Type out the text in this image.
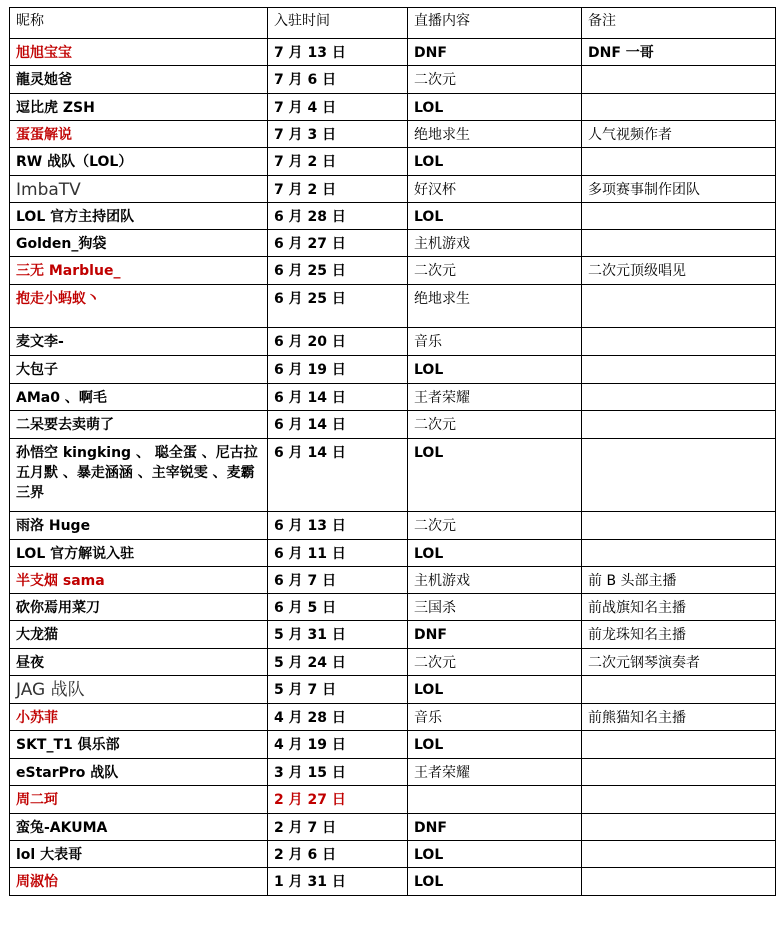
昵称	入驻时间	直播内容	备注
旭旭宝宝	7 月 13 日	DNF	DNF 一哥
龍灵她爸	7 月 6 日	二次元	
逗比虎 ZSH	7 月 4 日	LOL	
蛋蛋解说	7 月 3 日	绝地求生	人气视频作者
RW 战队（LOL）	7 月 2 日	LOL	
ImbaTV	7 月 2 日	好汉杯	多项赛事制作团队
LOL 官方主持团队	6 月 28 日	LOL	
Golden_狗袋	6 月 27 日	主机游戏	
三无 Marblue_	6 月 25 日	二次元	二次元顶级唱见
抱走小蚂蚁丶	6 月 25 日	绝地求生	
麦文李-	6 月 20 日	音乐	
大包子	6 月 19 日	LOL	
AMa0 、啊毛	6 月 14 日	王者荣耀	
二呆要去卖萌了	6 月 14 日	二次元	
孙悟空 kingking 、 聪全蛋 、尼古拉五月默 、暴走涵涵 、主宰锐雯 、麦霸三界	6 月 14 日	LOL	
雨洛 Huge	6 月 13 日	二次元	
LOL 官方解说入驻	6 月 11 日	LOL	
半支烟 sama	6 月 7 日	主机游戏	前 B 头部主播
砍你焉用菜刀	6 月 5 日	三国杀	前战旗知名主播
大龙猫	5 月 31 日	DNF	前龙珠知名主播
昼夜	5 月 24 日	二次元	二次元钢琴演奏者
JAG 战队	5 月 7 日	LOL	
小苏菲	4 月 28 日	音乐	前熊猫知名主播
SKT_T1 俱乐部	4 月 19 日	LOL	
eStarPro 战队	3 月 15 日	王者荣耀	
周二珂	2 月 27 日		
蛮兔-AKUMA	2 月 7 日	DNF	
lol 大表哥	2 月 6 日	LOL	
周淑怡	1 月 31 日	LOL	
